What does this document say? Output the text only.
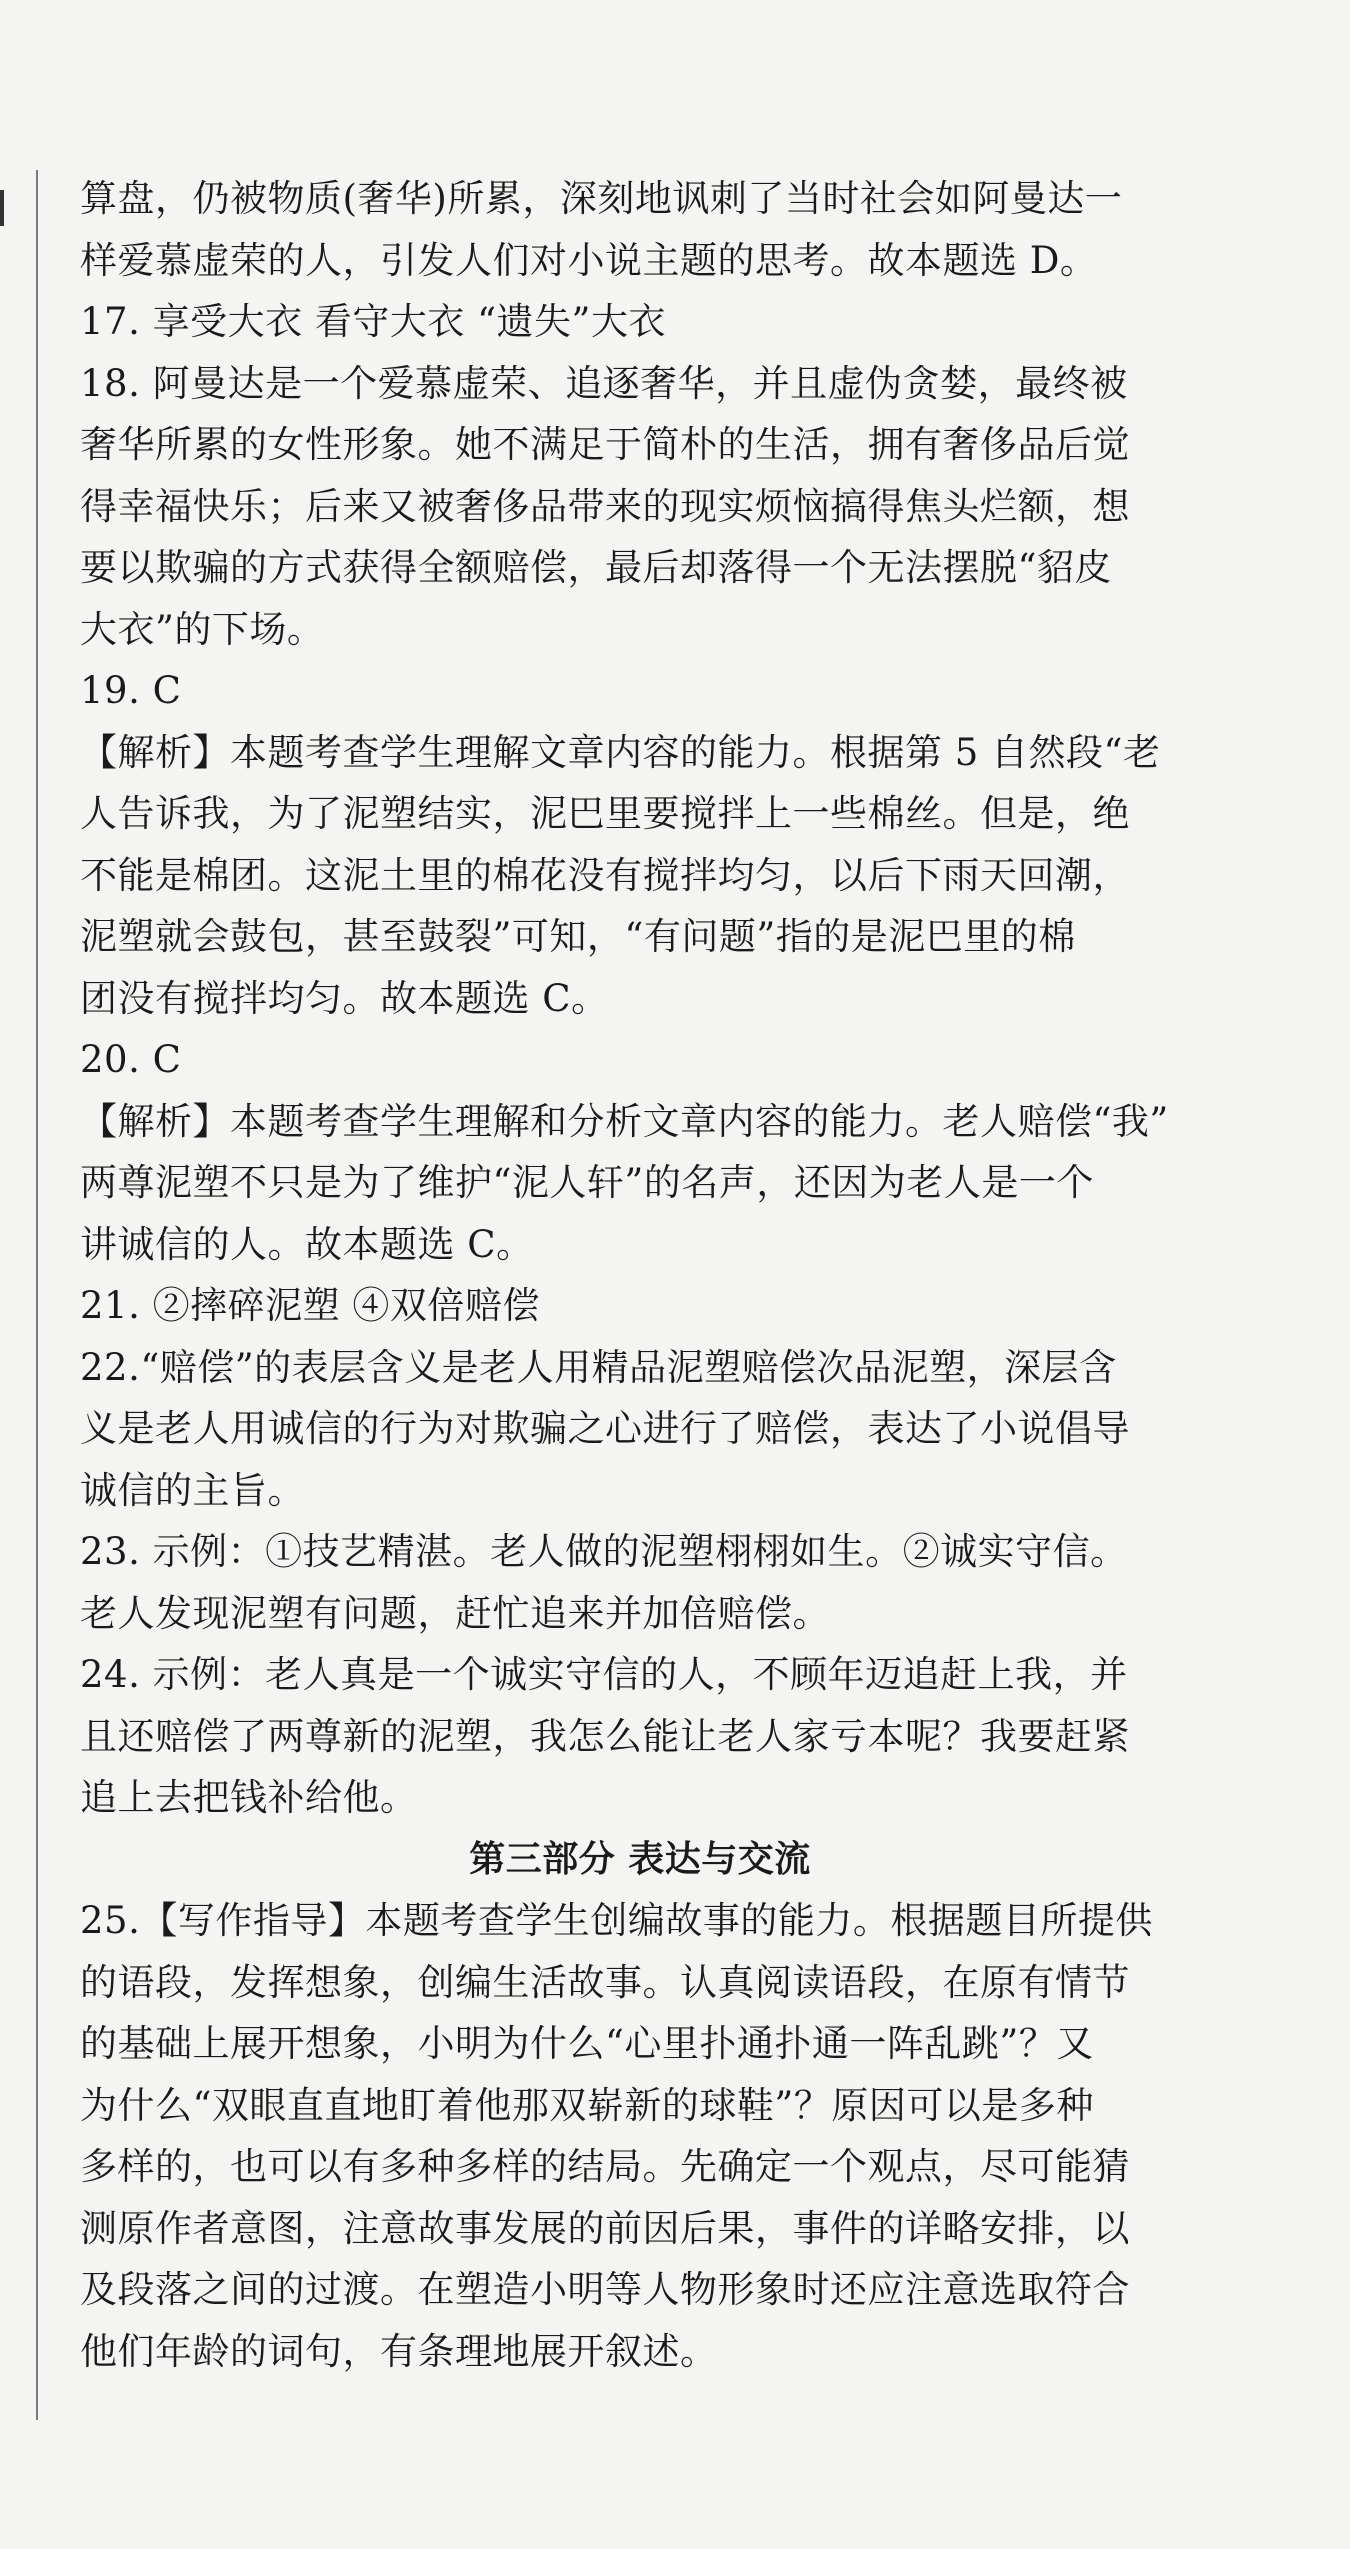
算盘，仍被物质(奢华)所累，深刻地讽刺了当时社会如阿曼达一

样爱慕虚荣的人，引发人们对小说主题的思考。故本题选 D。

17. 享受大衣 看守大衣 “遗失”大衣

18. 阿曼达是一个爱慕虚荣、追逐奢华，并且虚伪贪婪，最终被

奢华所累的女性形象。她不满足于简朴的生活，拥有奢侈品后觉

得幸福快乐；后来又被奢侈品带来的现实烦恼搞得焦头烂额，想

要以欺骗的方式获得全额赔偿，最后却落得一个无法摆脱“貂皮

大衣”的下场。

19. C

【解析】本题考查学生理解文章内容的能力。根据第 5 自然段“老

人告诉我，为了泥塑结实，泥巴里要搅拌上一些棉丝。但是，绝

不能是棉团。这泥土里的棉花没有搅拌均匀，以后下雨天回潮，

泥塑就会鼓包，甚至鼓裂”可知，“有问题”指的是泥巴里的棉

团没有搅拌均匀。故本题选 C。

20. C

【解析】本题考查学生理解和分析文章内容的能力。老人赔偿“我”

两尊泥塑不只是为了维护“泥人轩”的名声，还因为老人是一个

讲诚信的人。故本题选 C。

21. ②摔碎泥塑 ④双倍赔偿

22.“赔偿”的表层含义是老人用精品泥塑赔偿次品泥塑，深层含

义是老人用诚信的行为对欺骗之心进行了赔偿，表达了小说倡导

诚信的主旨。

23. 示例：①技艺精湛。老人做的泥塑栩栩如生。②诚实守信。

老人发现泥塑有问题，赶忙追来并加倍赔偿。

24. 示例：老人真是一个诚实守信的人，不顾年迈追赶上我，并

且还赔偿了两尊新的泥塑，我怎么能让老人家亏本呢？我要赶紧

追上去把钱补给他。

第三部分 表达与交流

25.【写作指导】本题考查学生创编故事的能力。根据题目所提供

的语段，发挥想象，创编生活故事。认真阅读语段，在原有情节

的基础上展开想象，小明为什么“心里扑通扑通一阵乱跳”？又

为什么“双眼直直地盯着他那双崭新的球鞋”？原因可以是多种

多样的，也可以有多种多样的结局。先确定一个观点，尽可能猜

测原作者意图，注意故事发展的前因后果，事件的详略安排，以

及段落之间的过渡。在塑造小明等人物形象时还应注意选取符合

他们年龄的词句，有条理地展开叙述。
